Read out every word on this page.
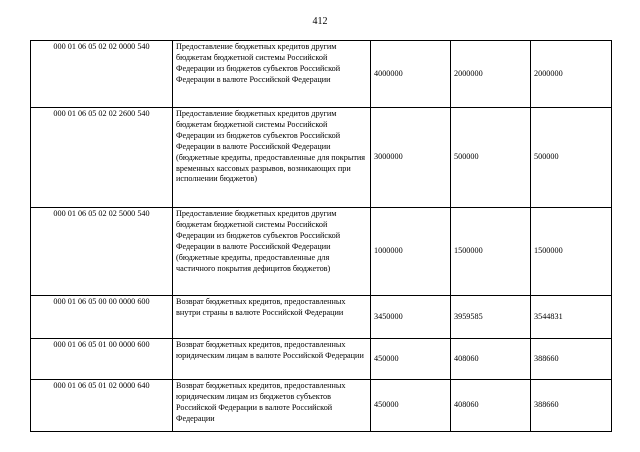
412
000 01 06 05 02 02 0000 540	Предоставление бюджетных кредитов другим бюджетам бюджетной системы Российской Федерации из бюджетов субъектов Российской Федерации в валюте Российской Федерации	4000000	2000000	2000000
000 01 06 05 02 02 2600 540	Предоставление бюджетных кредитов другим бюджетам бюджетной системы Российской Федерации из бюджетов субъектов Российской Федерации в валюте Российской Федерации (бюджетные кредиты, предоставленные для покрытия временных кассовых разрывов, возникающих при исполнении бюджетов)	3000000	500000	500000
000 01 06 05 02 02 5000 540	Предоставление бюджетных кредитов другим бюджетам бюджетной системы Российской Федерации из бюджетов субъектов Российской Федерации в валюте Российской Федерации (бюджетные кредиты, предоставленные для частичного покрытия дефицитов бюджетов)	1000000	1500000	1500000
000 01 06 05 00 00 0000 600	Возврат бюджетных кредитов, предоставленных внутри страны в валюте Российской Федерации	3450000	3959585	3544831
000 01 06 05 01 00 0000 600	Возврат бюджетных кредитов, предоставленных юридическим лицам в валюте Российской Федерации	450000	408060	388660
000 01 06 05 01 02 0000 640	Возврат бюджетных кредитов, предоставленных юридическим лицам из бюджетов субъектов Российской Федерации в валюте Российской Федерации	450000	408060	388660
